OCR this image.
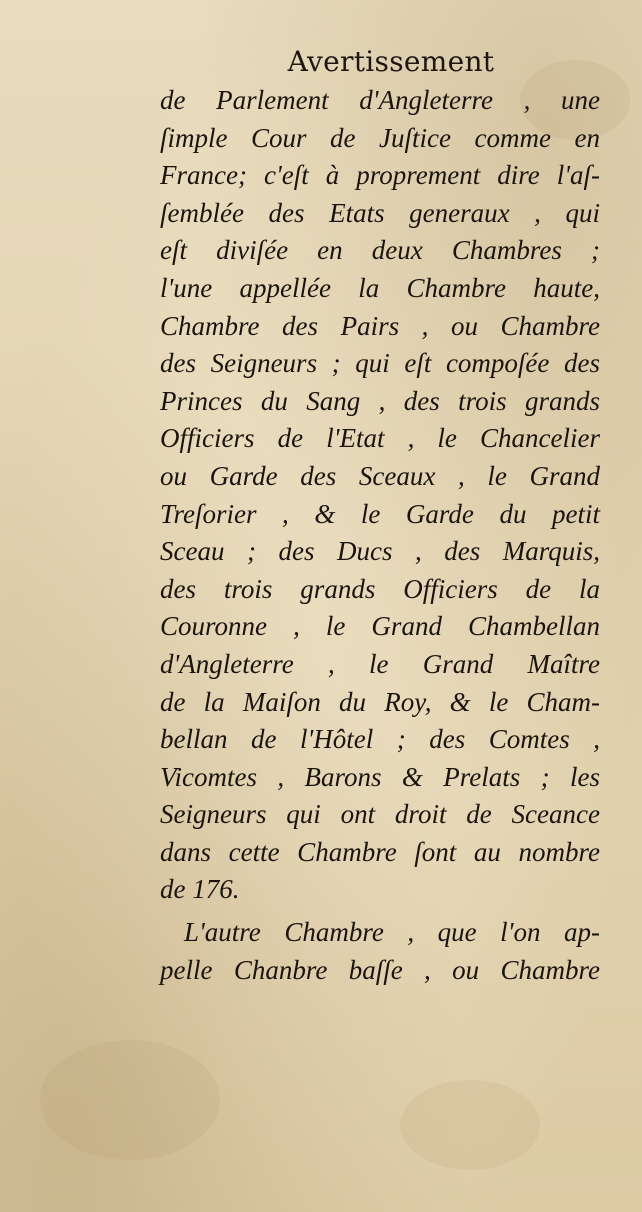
Avertissement
de Parlement d'Angleterre , une
ſimple Cour de Juſtice comme en
France; c'eſt à proprement dire l'aſ-
ſemblée des Etats generaux , qui
eſt diviſée en deux Chambres ;
l'une appellée la Chambre haute,
Chambre des Pairs , ou Chambre
des Seigneurs ; qui eſt compoſée des
Princes du Sang , des trois grands
Officiers de l'Etat , le Chancelier
ou Garde des Sceaux , le Grand
Treſorier , & le Garde du petit
Sceau ; des Ducs , des Marquis,
des trois grands Officiers de la
Couronne , le Grand Chambellan
d'Angleterre , le Grand Maître
de la Maiſon du Roy, & le Cham-
bellan de l'Hôtel ; des Comtes ,
Vicomtes , Barons & Prelats ; les
Seigneurs qui ont droit de Sceance
dans cette Chambre ſont au nombre
de 176.
L'autre Chambre , que l'on ap-
pelle Chanbre baſſe , ou Chambre
